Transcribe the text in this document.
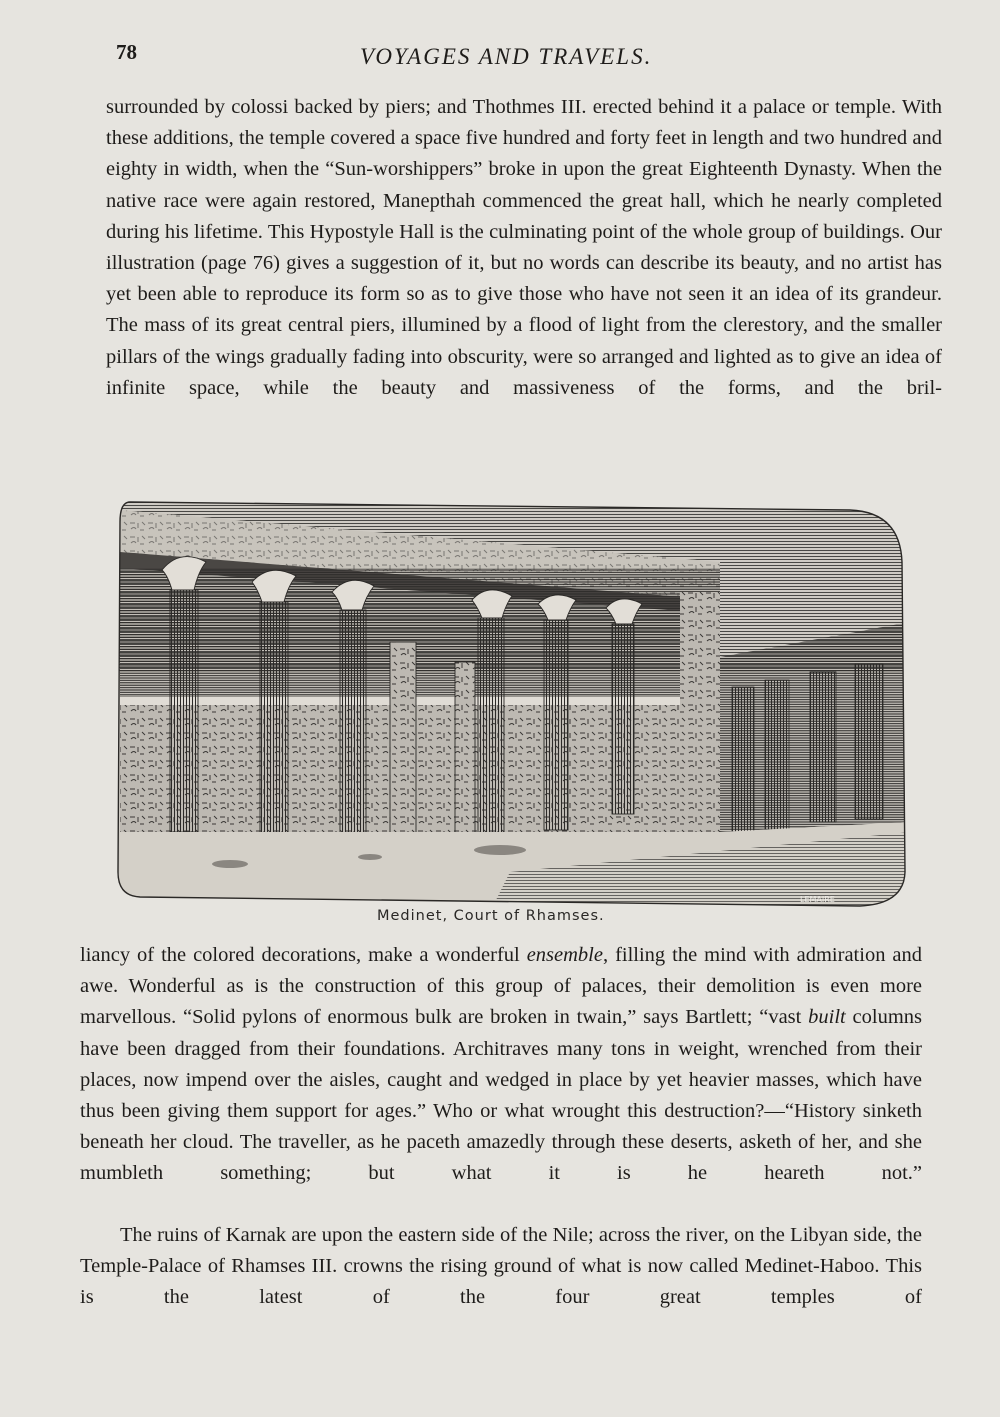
78	VOYAGES AND TRAVELS.

surrounded by colossi backed by piers; and Thothmes III. erected behind it a palace or temple. With these additions, the temple covered a space five hundred and forty feet in length and two hundred and eighty in width, when the “Sun-worshippers” broke in upon the great Eighteenth Dynasty. When the native race were again restored, Manepthah commenced the great hall, which he nearly completed during his lifetime. This Hypostyle Hall is the culminating point of the whole group of buildings. Our illustration (page 76) gives a suggestion of it, but no words can describe its beauty, and no artist has yet been able to reproduce its form so as to give those who have not seen it an idea of its grandeur. The mass of its great central piers, illumined by a flood of light from the clerestory, and the smaller pillars of the wings gradually fading into obscurity, were so arranged and lighted as to give an idea of infinite space, while the beauty and massiveness of the forms, and the bril-

LEMAIRE
Medinet, Court of Rhamses.

liancy of the colored decorations, make a wonderful ensemble, filling the mind with admiration and awe. Wonderful as is the construction of this group of palaces, their demolition is even more marvellous. “Solid pylons of enormous bulk are broken in twain,” says Bartlett; “vast built columns have been dragged from their foundations. Architraves many tons in weight, wrenched from their places, now impend over the aisles, caught and wedged in place by yet heavier masses, which have thus been giving them support for ages.” Who or what wrought this destruction?—“History sinketh beneath her cloud. The traveller, as he paceth amazedly through these deserts, asketh of her, and she mumbleth something; but what it is he heareth not.”

The ruins of Karnak are upon the eastern side of the Nile; across the river, on the Libyan side, the Temple-Palace of Rhamses III. crowns the rising ground of what is now called Medinet-Haboo. This is the latest of the four great temples of
